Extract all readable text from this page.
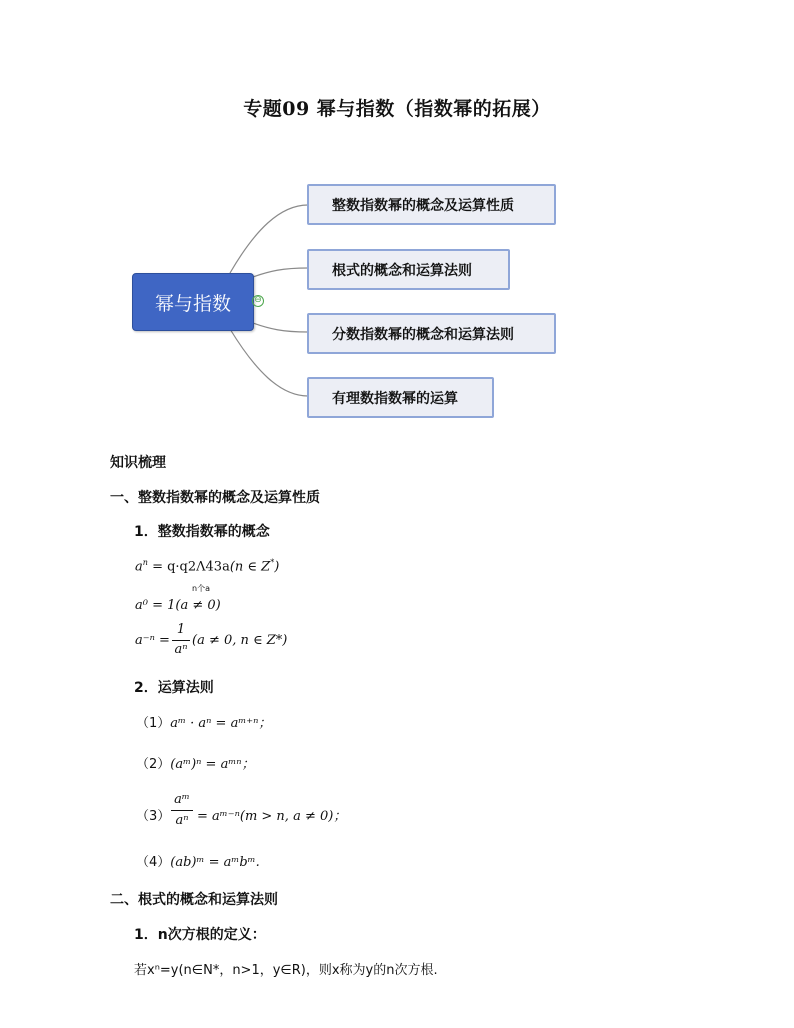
专题09 幂与指数（指数幂的拓展）
幂与指数	⊖
整数指数幂的概念及运算性质
根式的概念和运算法则
分数指数幂的概念和运算法则
有理数指数幂的运算
知识梳理
一、整数指数幂的概念及运算性质
1．整数指数幂的概念
$a^n = q\cdot q2\Lambda 43a(n$ ∈ Z*)
n个a
a⁰ = 1(a ≠ 0)
a⁻ⁿ =
1
aⁿ
(a ≠ 0, n ∈ Z*)
2．运算法则
（1）aᵐ · aⁿ = aᵐ⁺ⁿ；
（2）(aᵐ)ⁿ = aᵐⁿ；
（3）
aᵐ
aⁿ = aᵐ⁻ⁿ(m > n, a ≠ 0)；
（4）(ab)ᵐ = aᵐbᵐ.
二、根式的概念和运算法则
1．n次方根的定义：
若xⁿ=y(n∈N*，n>1，y∈R)，则x称为y的n次方根.
